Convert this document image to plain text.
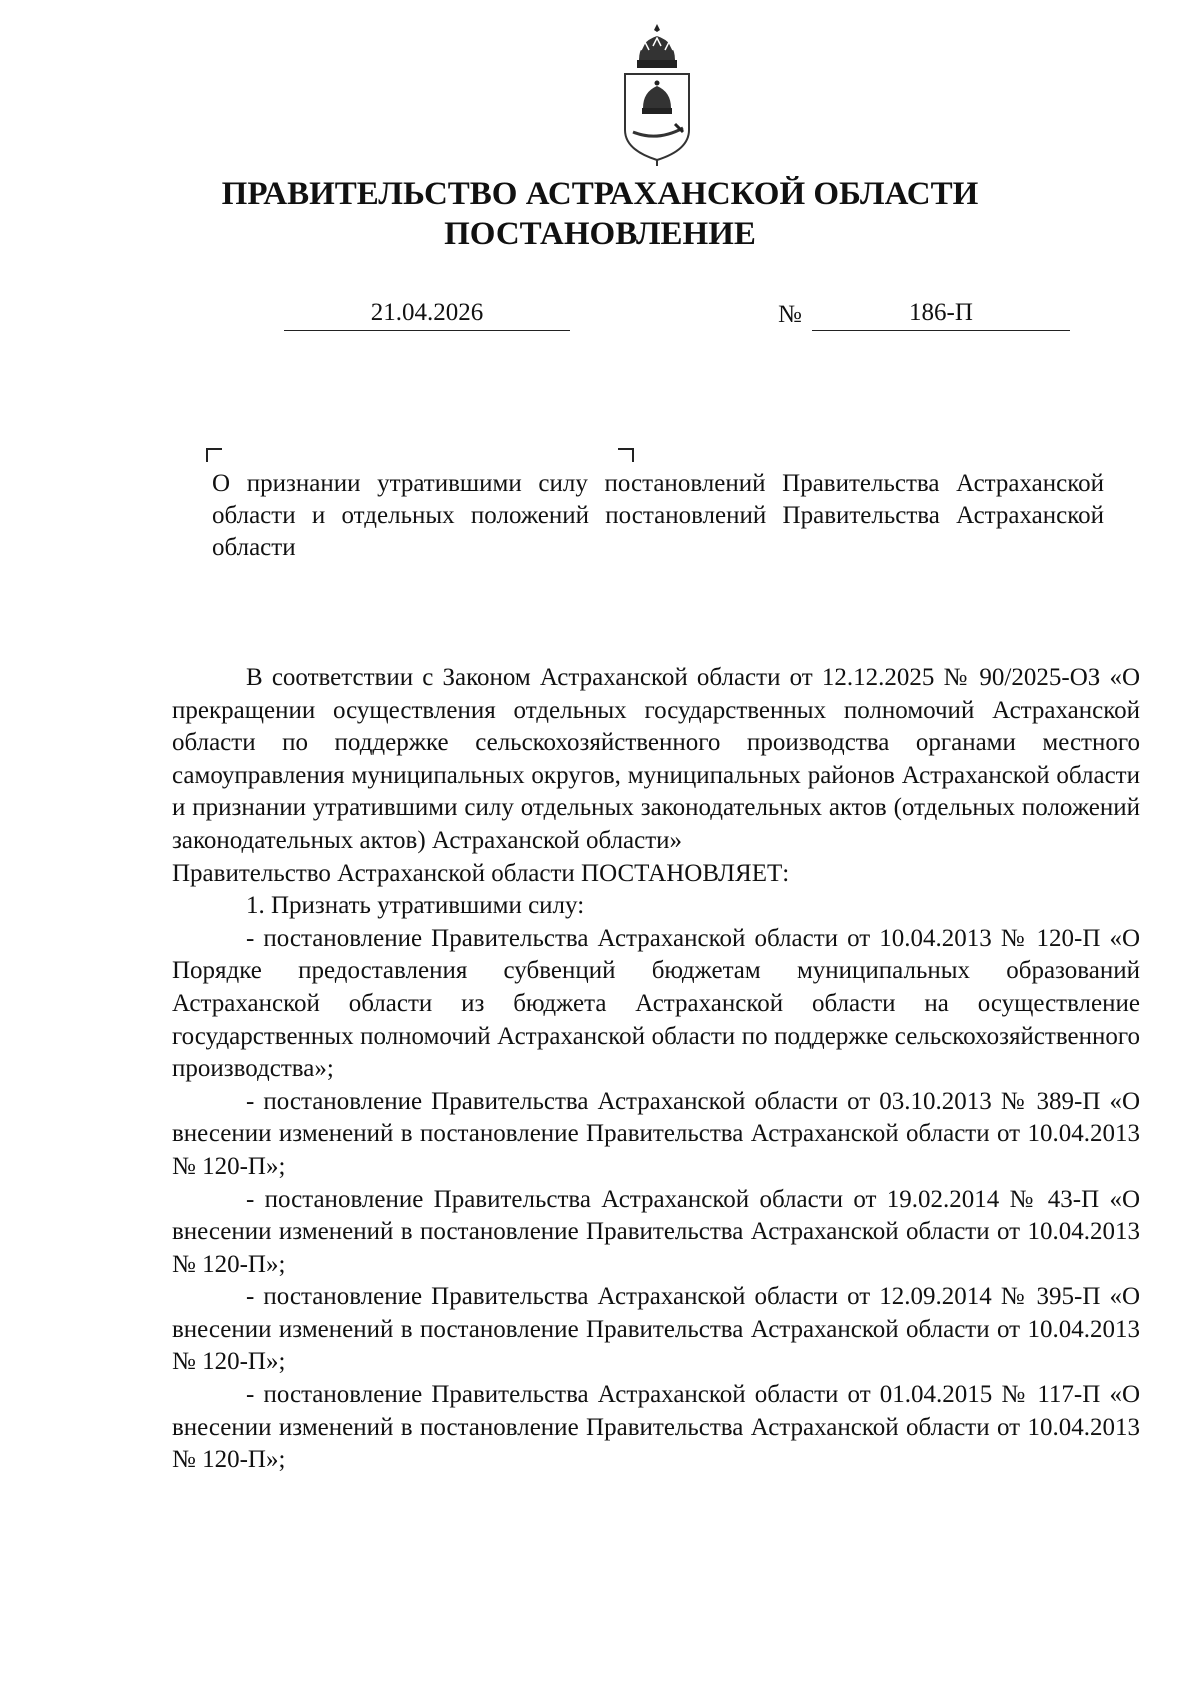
ПРАВИТЕЛЬСТВО АСТРАХАНСКОЙ ОБЛАСТИ
ПОСТАНОВЛЕНИЕ
21.04.2026	№	186-П
О признании утратившими силу постановлений Правительства Астраханской области и отдельных положений постановлений Правительства Астраханской области

В соответствии с Законом Астраханской области от 12.12.2025 № 90/2025-ОЗ «О прекращении осуществления отдельных государственных полномочий Астраханской области по поддержке сельскохозяйственного производства органами местного самоуправления муниципальных округов, муниципальных районов Астраханской области и признании утратившими силу отдельных законодательных актов (отдельных положений законодательных актов) Астраханской области»

Правительство Астраханской области ПОСТАНОВЛЯЕТ:

1. Признать утратившими силу:

- постановление Правительства Астраханской области от 10.04.2013 № 120-П «О Порядке предоставления субвенций бюджетам муниципальных образований Астраханской области из бюджета Астраханской области на осуществление государственных полномочий Астраханской области по поддержке сельскохозяйственного производства»;

- постановление Правительства Астраханской области от 03.10.2013 № 389-П «О внесении изменений в постановление Правительства Астраханской области от 10.04.2013 № 120-П»;

- постановление Правительства Астраханской области от 19.02.2014 № 43-П «О внесении изменений в постановление Правительства Астраханской области от 10.04.2013 № 120-П»;

- постановление Правительства Астраханской области от 12.09.2014 № 395-П «О внесении изменений в постановление Правительства Астраханской области от 10.04.2013 № 120-П»;

- постановление Правительства Астраханской области от 01.04.2015 № 117-П «О внесении изменений в постановление Правительства Астраханской области от 10.04.2013 № 120-П»;
